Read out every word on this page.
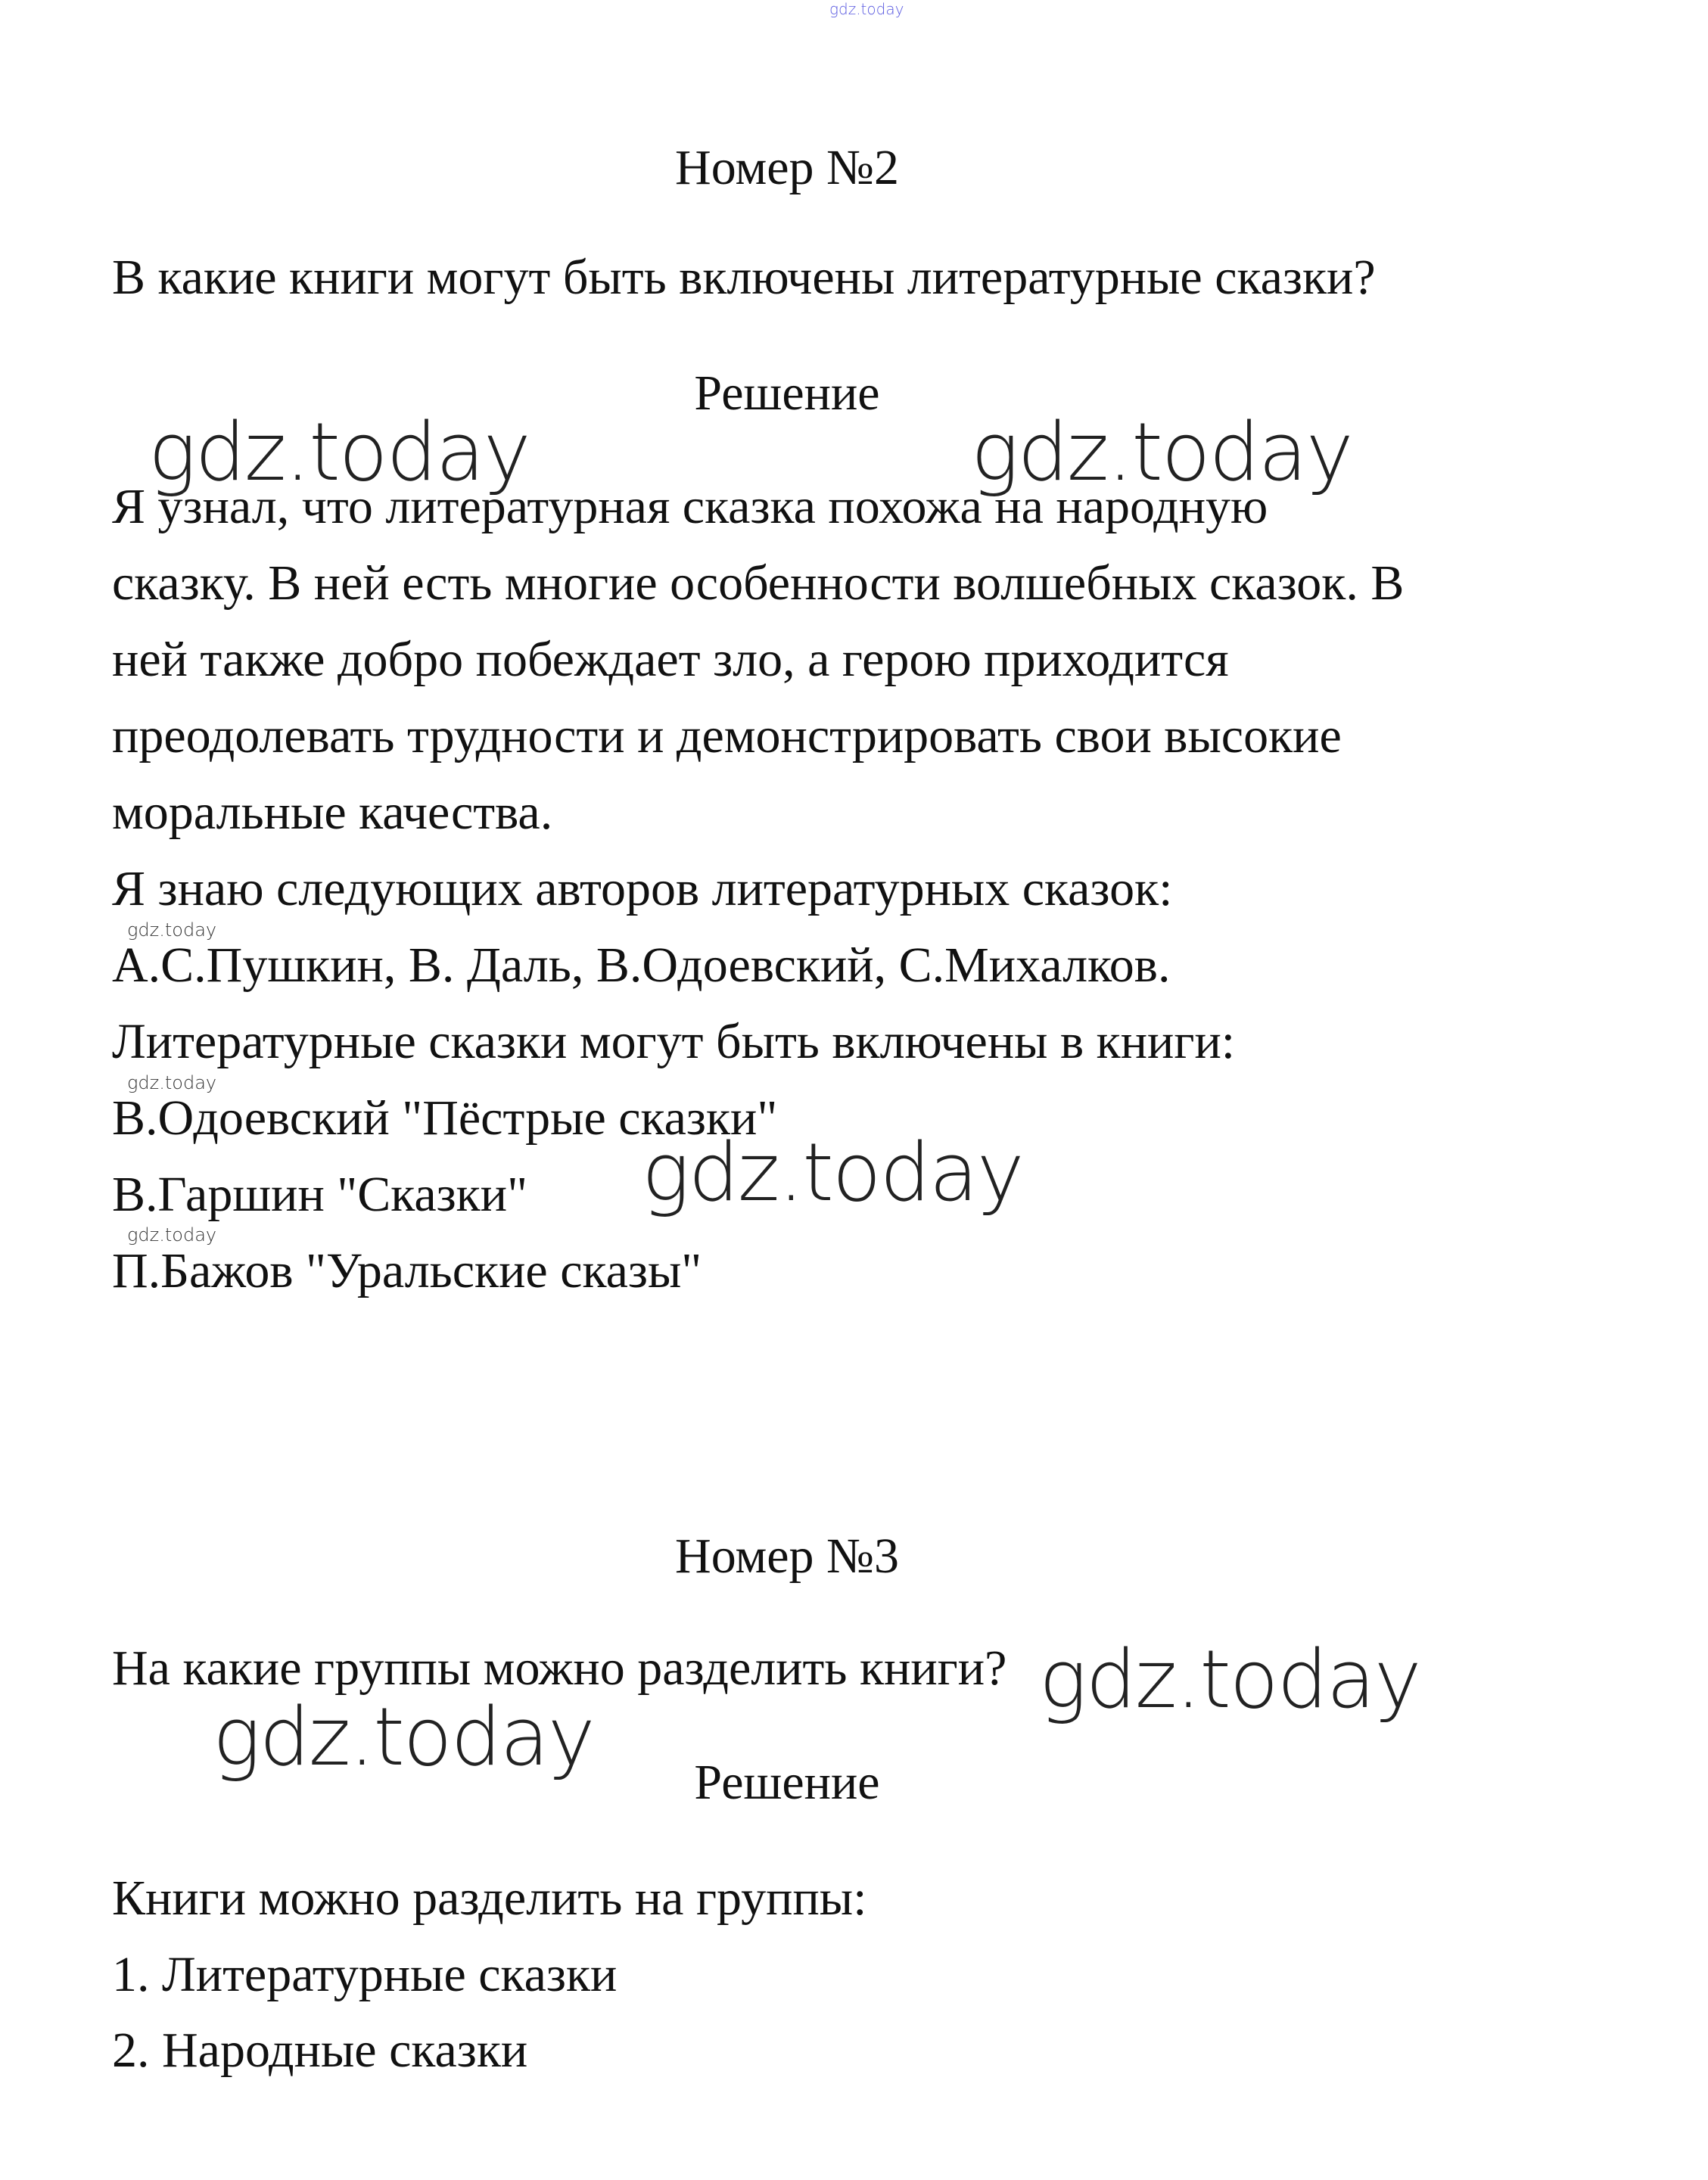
gdz.today
Номер №2
В какие книги могут быть включены литературные сказки?
Решение
Я узнал, что литературная сказка похожа на народную
сказку. В ней есть многие особенности волшебных сказок. В
ней также добро побеждает зло, а герою приходится
преодолевать трудности и демонстрировать свои высокие
моральные качества.
Я знаю следующих авторов литературных сказок:
А.С.Пушкин, В. Даль, В.Одоевский, С.Михалков.
Литературные сказки могут быть включены в книги:
В.Одоевский "Пёстрые сказки"
В.Гаршин "Сказки"
П.Бажов "Уральские сказы"
Номер №3
На какие группы можно разделить книги?
Решение
Книги можно разделить на группы:
1. Литературные сказки
2. Народные сказки
gdz.today	gdz.today
gdz.today
gdz.today
gdz.today
gdz.today
gdz.today
gdz.today
